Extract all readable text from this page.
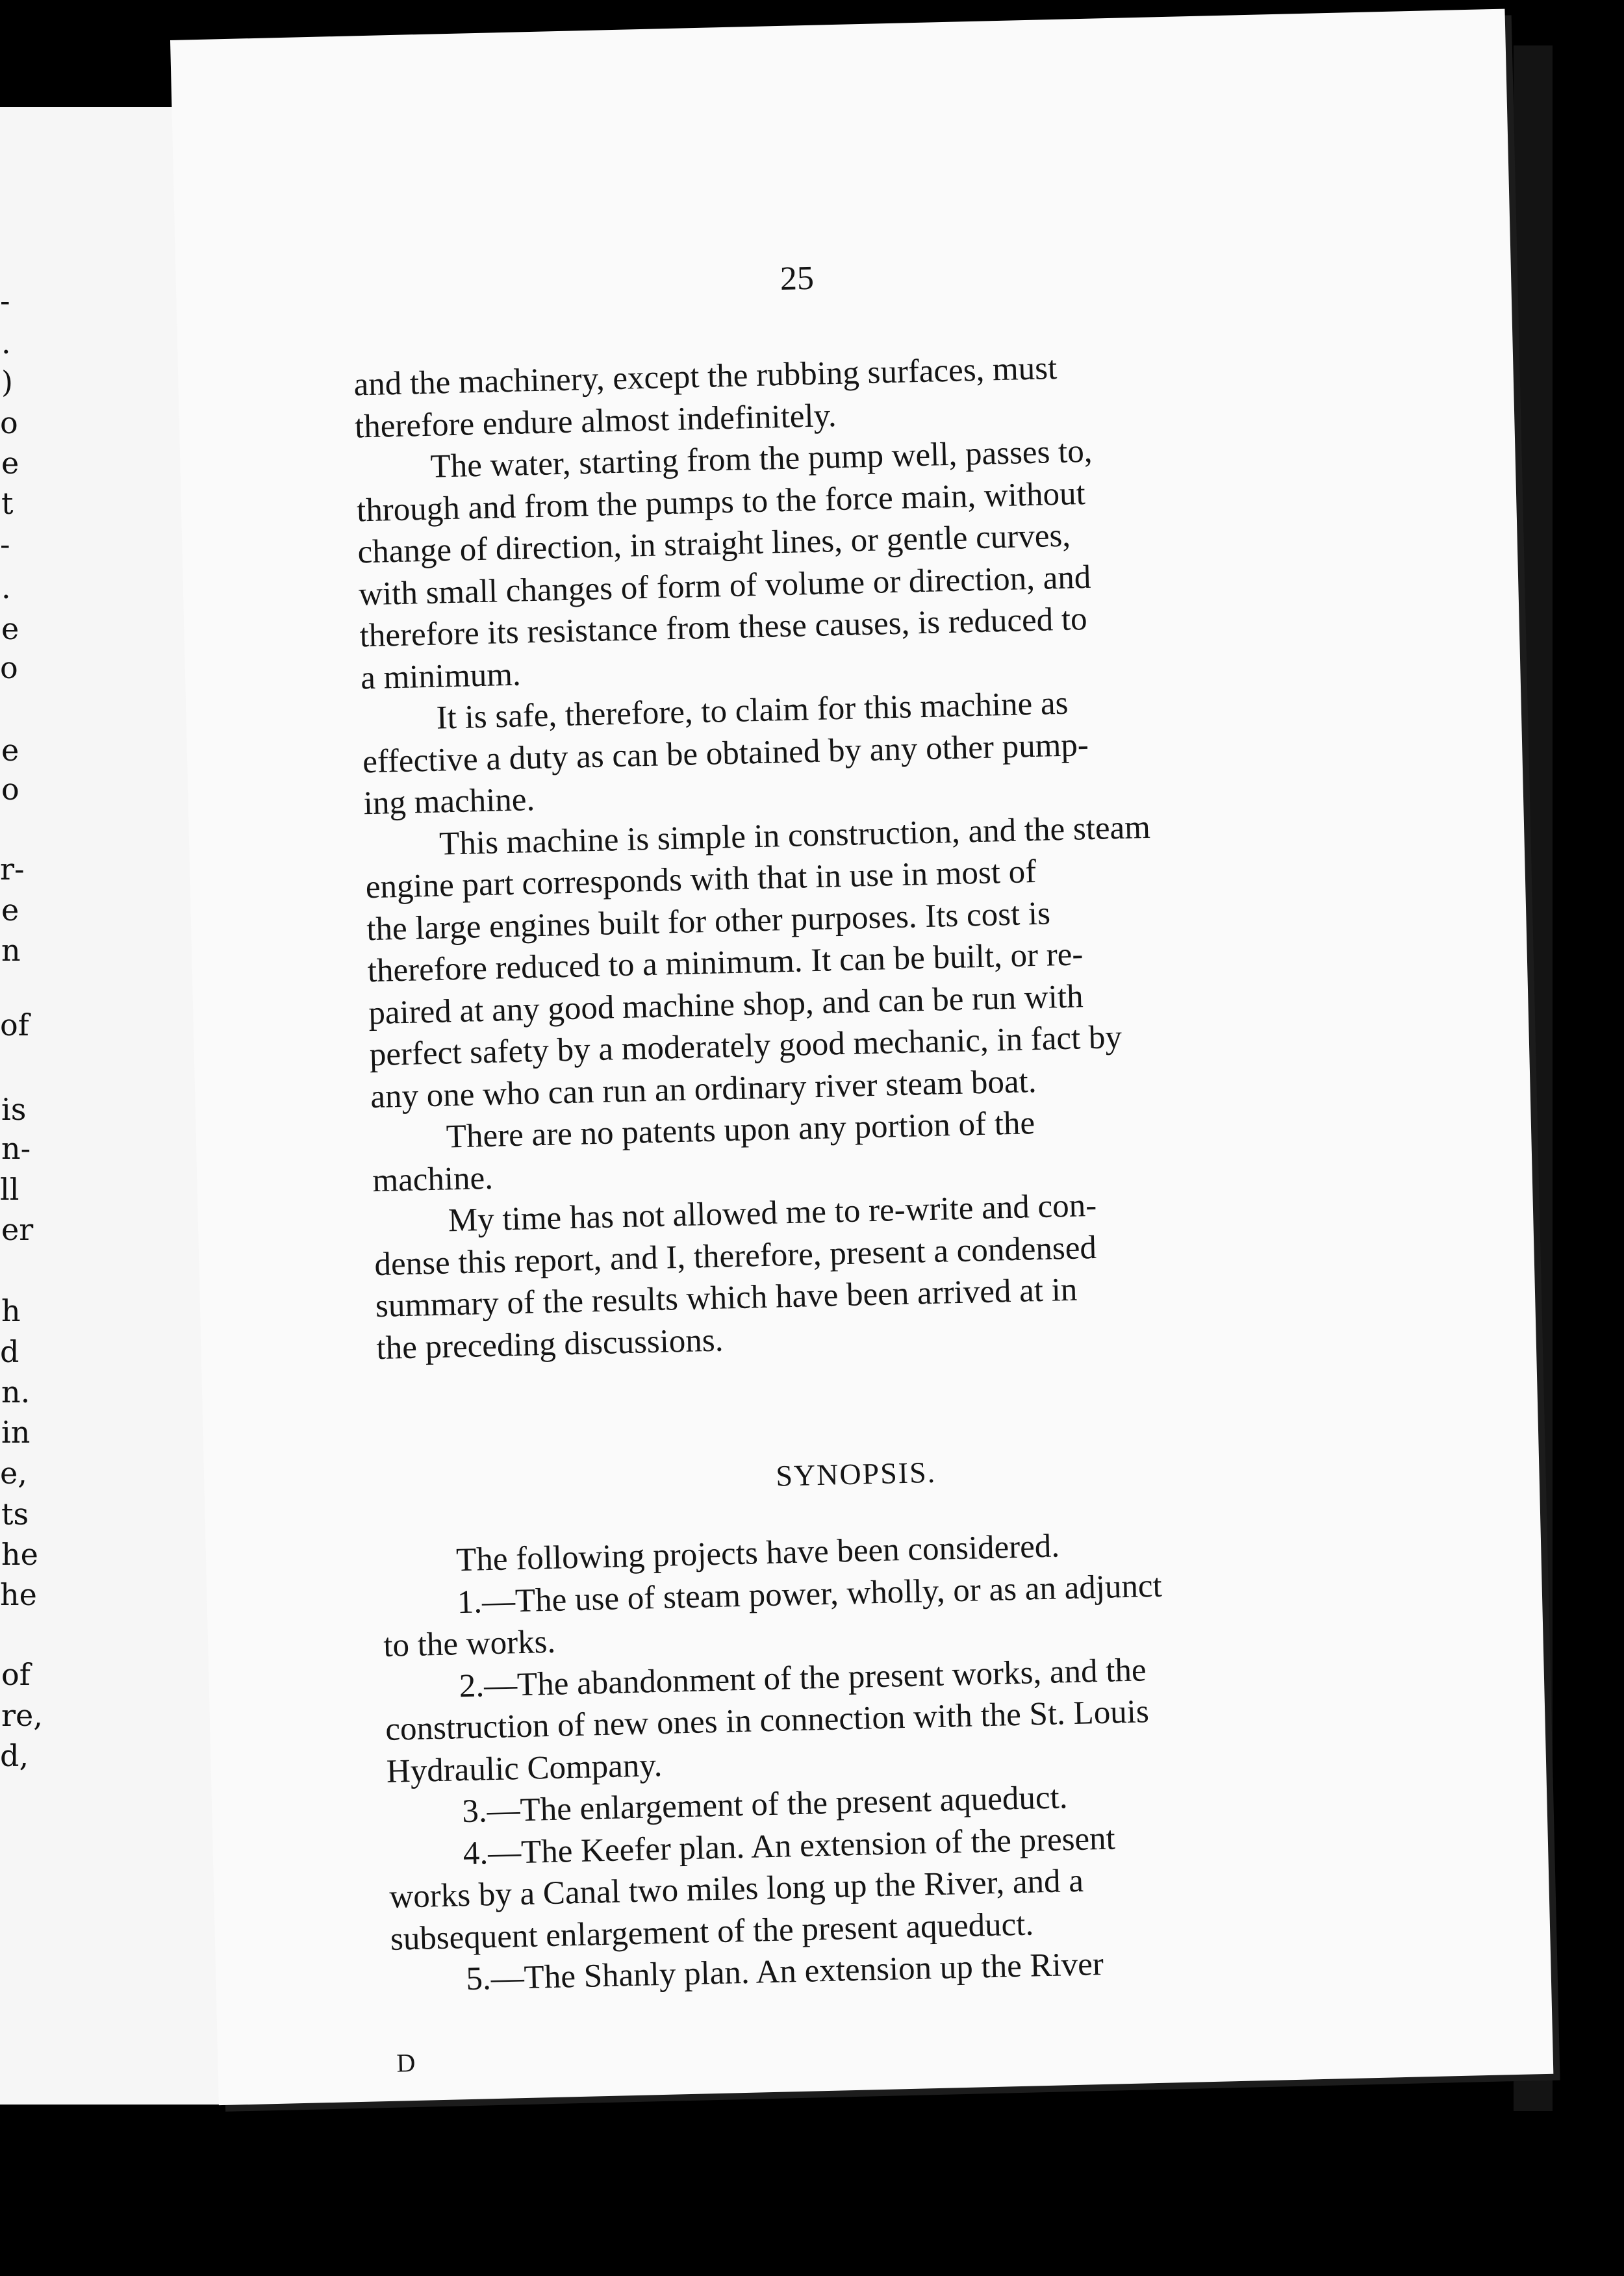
-
.
)
o
e
t
-
.
e
o
e
o
r-
e
n
of
is
n-
ll
er
h
d
n.
in
e,
ts
he
he
of
re,
d,
25
and the machinery, except the rubbing surfaces, must
therefore endure almost indefinitely.
The water, starting from the pump well, passes to,
through and from the pumps to the force main, without
change of direction, in straight lines, or gentle curves,
with small changes of form of volume or direction, and
therefore its resistance from these causes, is reduced to
a minimum.
It is safe, therefore, to claim for this machine as
effective a duty as can be obtained by any other pump-
ing machine.
This machine is simple in construction, and the steam
engine part corresponds with that in use in most of
the large engines built for other purposes. Its cost is
therefore reduced to a minimum. It can be built, or re-
paired at any good machine shop, and can be run with
perfect safety by a moderately good mechanic, in fact by
any one who can run an ordinary river steam boat.
There are no patents upon any portion of the
machine.
My time has not allowed me to re-write and con-
dense this report, and I, therefore, present a condensed
summary of the results which have been arrived at in
the preceding discussions.
SYNOPSIS.
The following projects have been considered.
1.—The use of steam power, wholly, or as an adjunct
to the works.
2.—The abandonment of the present works, and the
construction of new ones in connection with the St. Louis
Hydraulic Company.
3.—The enlargement of the present aqueduct.
4.—The Keefer plan. An extension of the present
works by a Canal two miles long up the River, and a
subsequent enlargement of the present aqueduct.
5.—The Shanly plan. An extension up the River
D
